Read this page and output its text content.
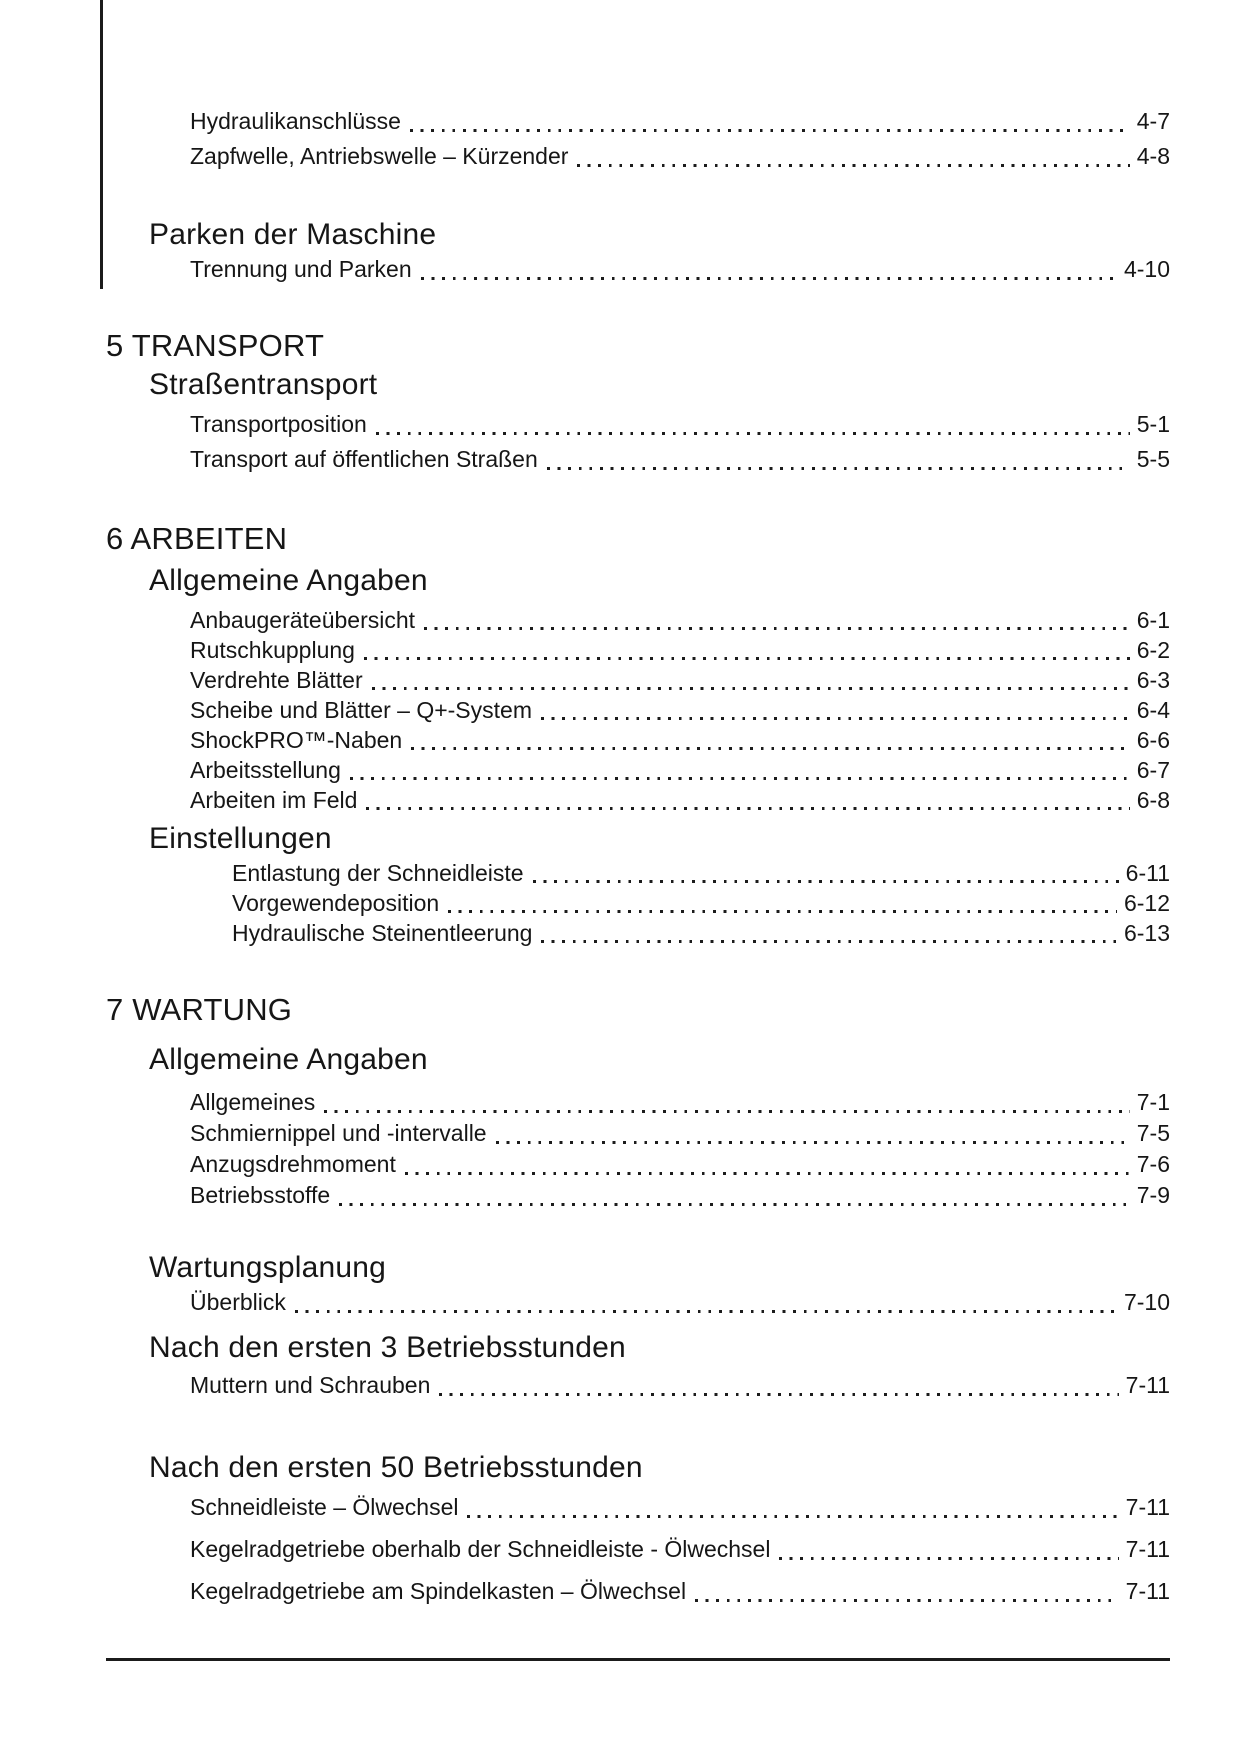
Hydraulikanschlüsse	4-7
Zapfwelle, Antriebswelle – Kürzender	4-8
Parken der Maschine
Trennung und Parken	4-10
5 TRANSPORT
Straßentransport
Transportposition	5-1
Transport auf öffentlichen Straßen	5-5
6 ARBEITEN
Allgemeine Angaben
Anbaugeräteübersicht	6-1
Rutschkupplung	6-2
Verdrehte Blätter	6-3
Scheibe und Blätter – Q+-System	6-4
ShockPRO™-Naben	6-6
Arbeitsstellung	6-7
Arbeiten im Feld	6-8
Einstellungen
Entlastung der Schneidleiste	6-11
Vorgewendeposition	6-12
Hydraulische Steinentleerung	6-13
7 WARTUNG
Allgemeine Angaben
Allgemeines	7-1
Schmiernippel und -intervalle	7-5
Anzugsdrehmoment	7-6
Betriebsstoffe	7-9
Wartungsplanung
Überblick	7-10
Nach den ersten 3 Betriebsstunden
Muttern und Schrauben	7-11
Nach den ersten 50 Betriebsstunden
Schneidleiste – Ölwechsel	7-11
Kegelradgetriebe oberhalb der Schneidleiste - Ölwechsel	7-11
Kegelradgetriebe am Spindelkasten – Ölwechsel	7-11
